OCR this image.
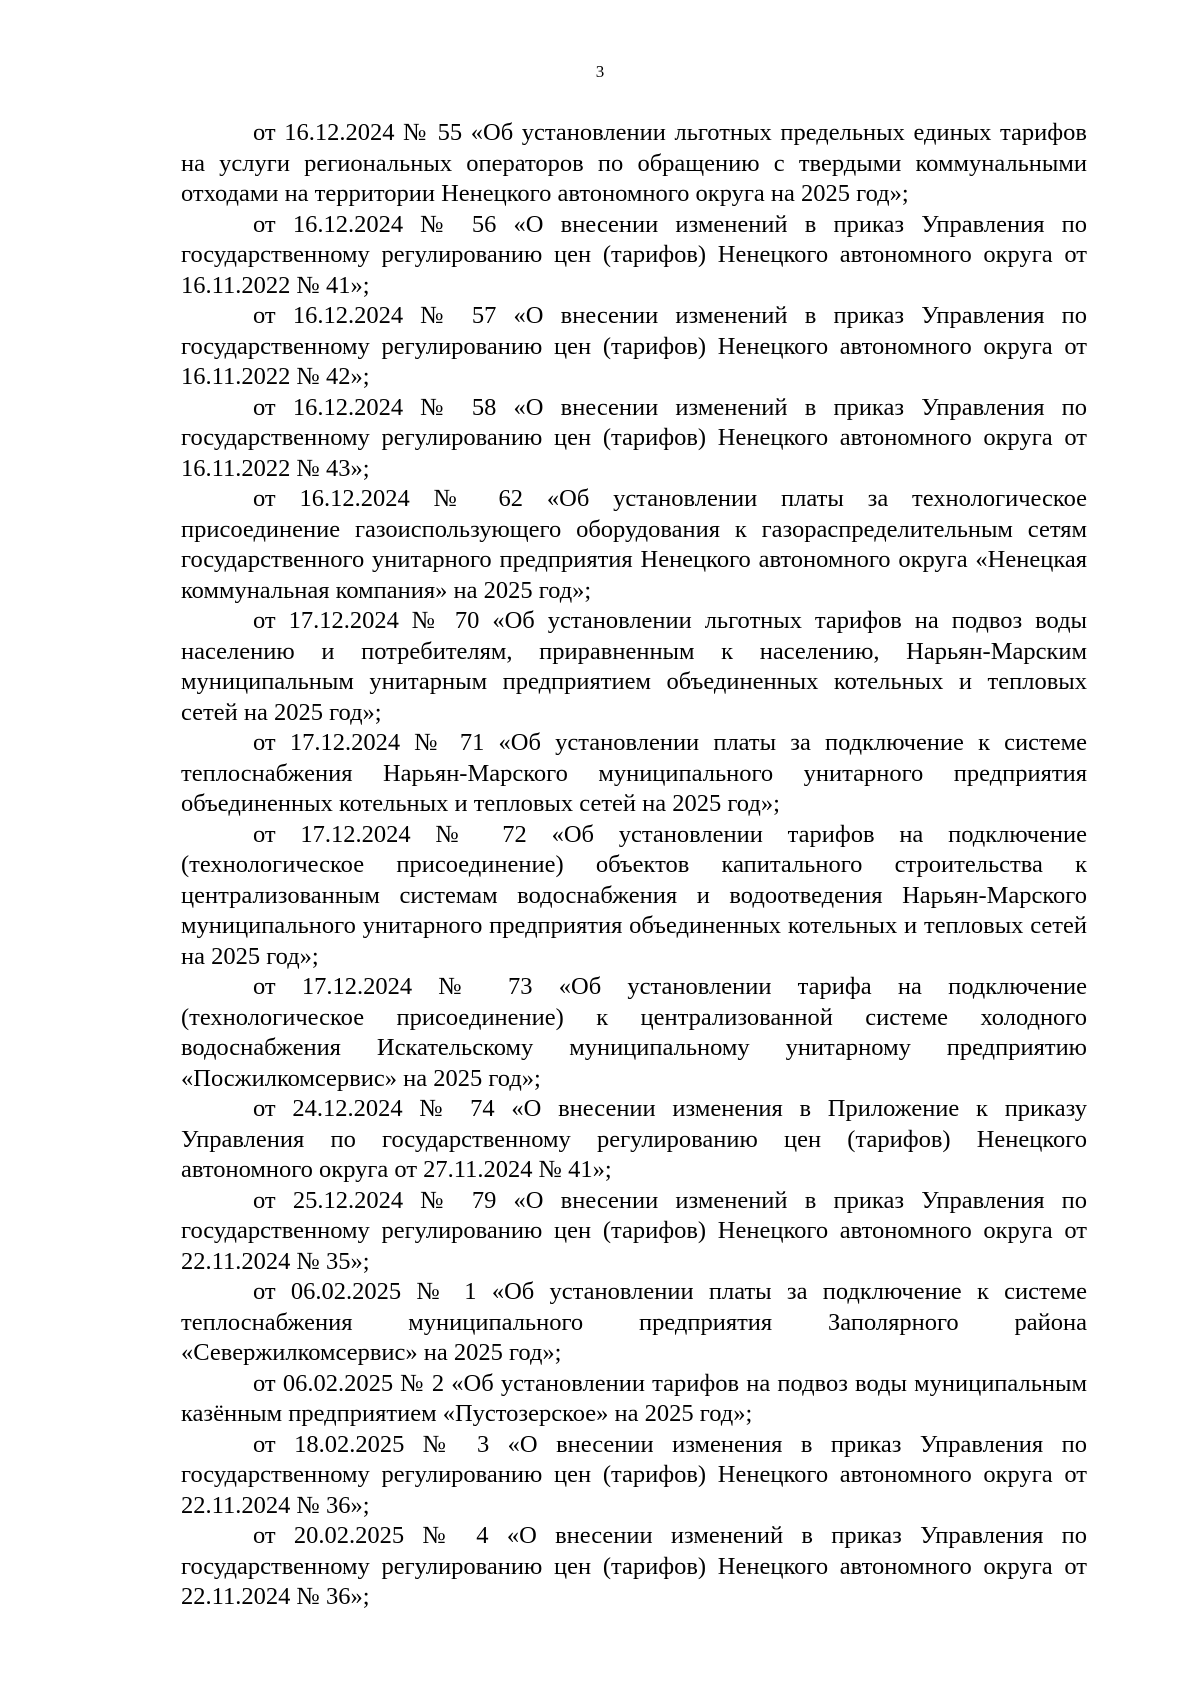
3

от 16.12.2024 № 55 «Об установлении льготных предельных единых тарифов на услуги региональных операторов по обращению с твердыми коммунальными отходами на территории Ненецкого автономного округа на 2025 год»;

от 16.12.2024 № 56 «О внесении изменений в приказ Управления по государственному регулированию цен (тарифов) Ненецкого автономного округа от 16.11.2022 № 41»;

от 16.12.2024 № 57 «О внесении изменений в приказ Управления по государственному регулированию цен (тарифов) Ненецкого автономного округа от 16.11.2022 № 42»;

от 16.12.2024 № 58 «О внесении изменений в приказ Управления по государственному регулированию цен (тарифов) Ненецкого автономного округа от 16.11.2022 № 43»;

от 16.12.2024 № 62 «Об установлении платы за технологическое присоединение газоиспользующего оборудования к газораспределительным сетям государственного унитарного предприятия Ненецкого автономного округа «Ненецкая коммунальная компания» на 2025 год»;

от 17.12.2024 № 70 «Об установлении льготных тарифов на подвоз воды населению и потребителям, приравненным к населению, Нарьян-Марским муниципальным унитарным предприятием объединенных котельных и тепловых сетей на 2025 год»;

от 17.12.2024 № 71 «Об установлении платы за подключение к системе теплоснабжения Нарьян-Марского муниципального унитарного предприятия объединенных котельных и тепловых сетей на 2025 год»;

от 17.12.2024 № 72 «Об установлении тарифов на подключение (технологическое присоединение) объектов капитального строительства к централизованным системам водоснабжения и водоотведения Нарьян-Марского муниципального унитарного предприятия объединенных котельных и тепловых сетей на 2025 год»;

от 17.12.2024 № 73 «Об установлении тарифа на подключение (технологическое присоединение) к централизованной системе холодного водоснабжения Искательскому муниципальному унитарному предприятию «Посжилкомсервис» на 2025 год»;

от 24.12.2024 № 74 «О внесении изменения в Приложение к приказу Управления по государственному регулированию цен (тарифов) Ненецкого автономного округа от 27.11.2024 № 41»;

от 25.12.2024 № 79 «О внесении изменений в приказ Управления по государственному регулированию цен (тарифов) Ненецкого автономного округа от 22.11.2024 № 35»;

от 06.02.2025 № 1 «Об установлении платы за подключение к системе теплоснабжения муниципального предприятия Заполярного района «Севержилкомсервис» на 2025 год»;

от 06.02.2025 № 2 «Об установлении тарифов на подвоз воды муниципальным казённым предприятием «Пустозерское» на 2025 год»;

от 18.02.2025 № 3 «О внесении изменения в приказ Управления по государственному регулированию цен (тарифов) Ненецкого автономного округа от 22.11.2024 № 36»;

от 20.02.2025 № 4 «О внесении изменений в приказ Управления по государственному регулированию цен (тарифов) Ненецкого автономного округа от 22.11.2024 № 36»;
